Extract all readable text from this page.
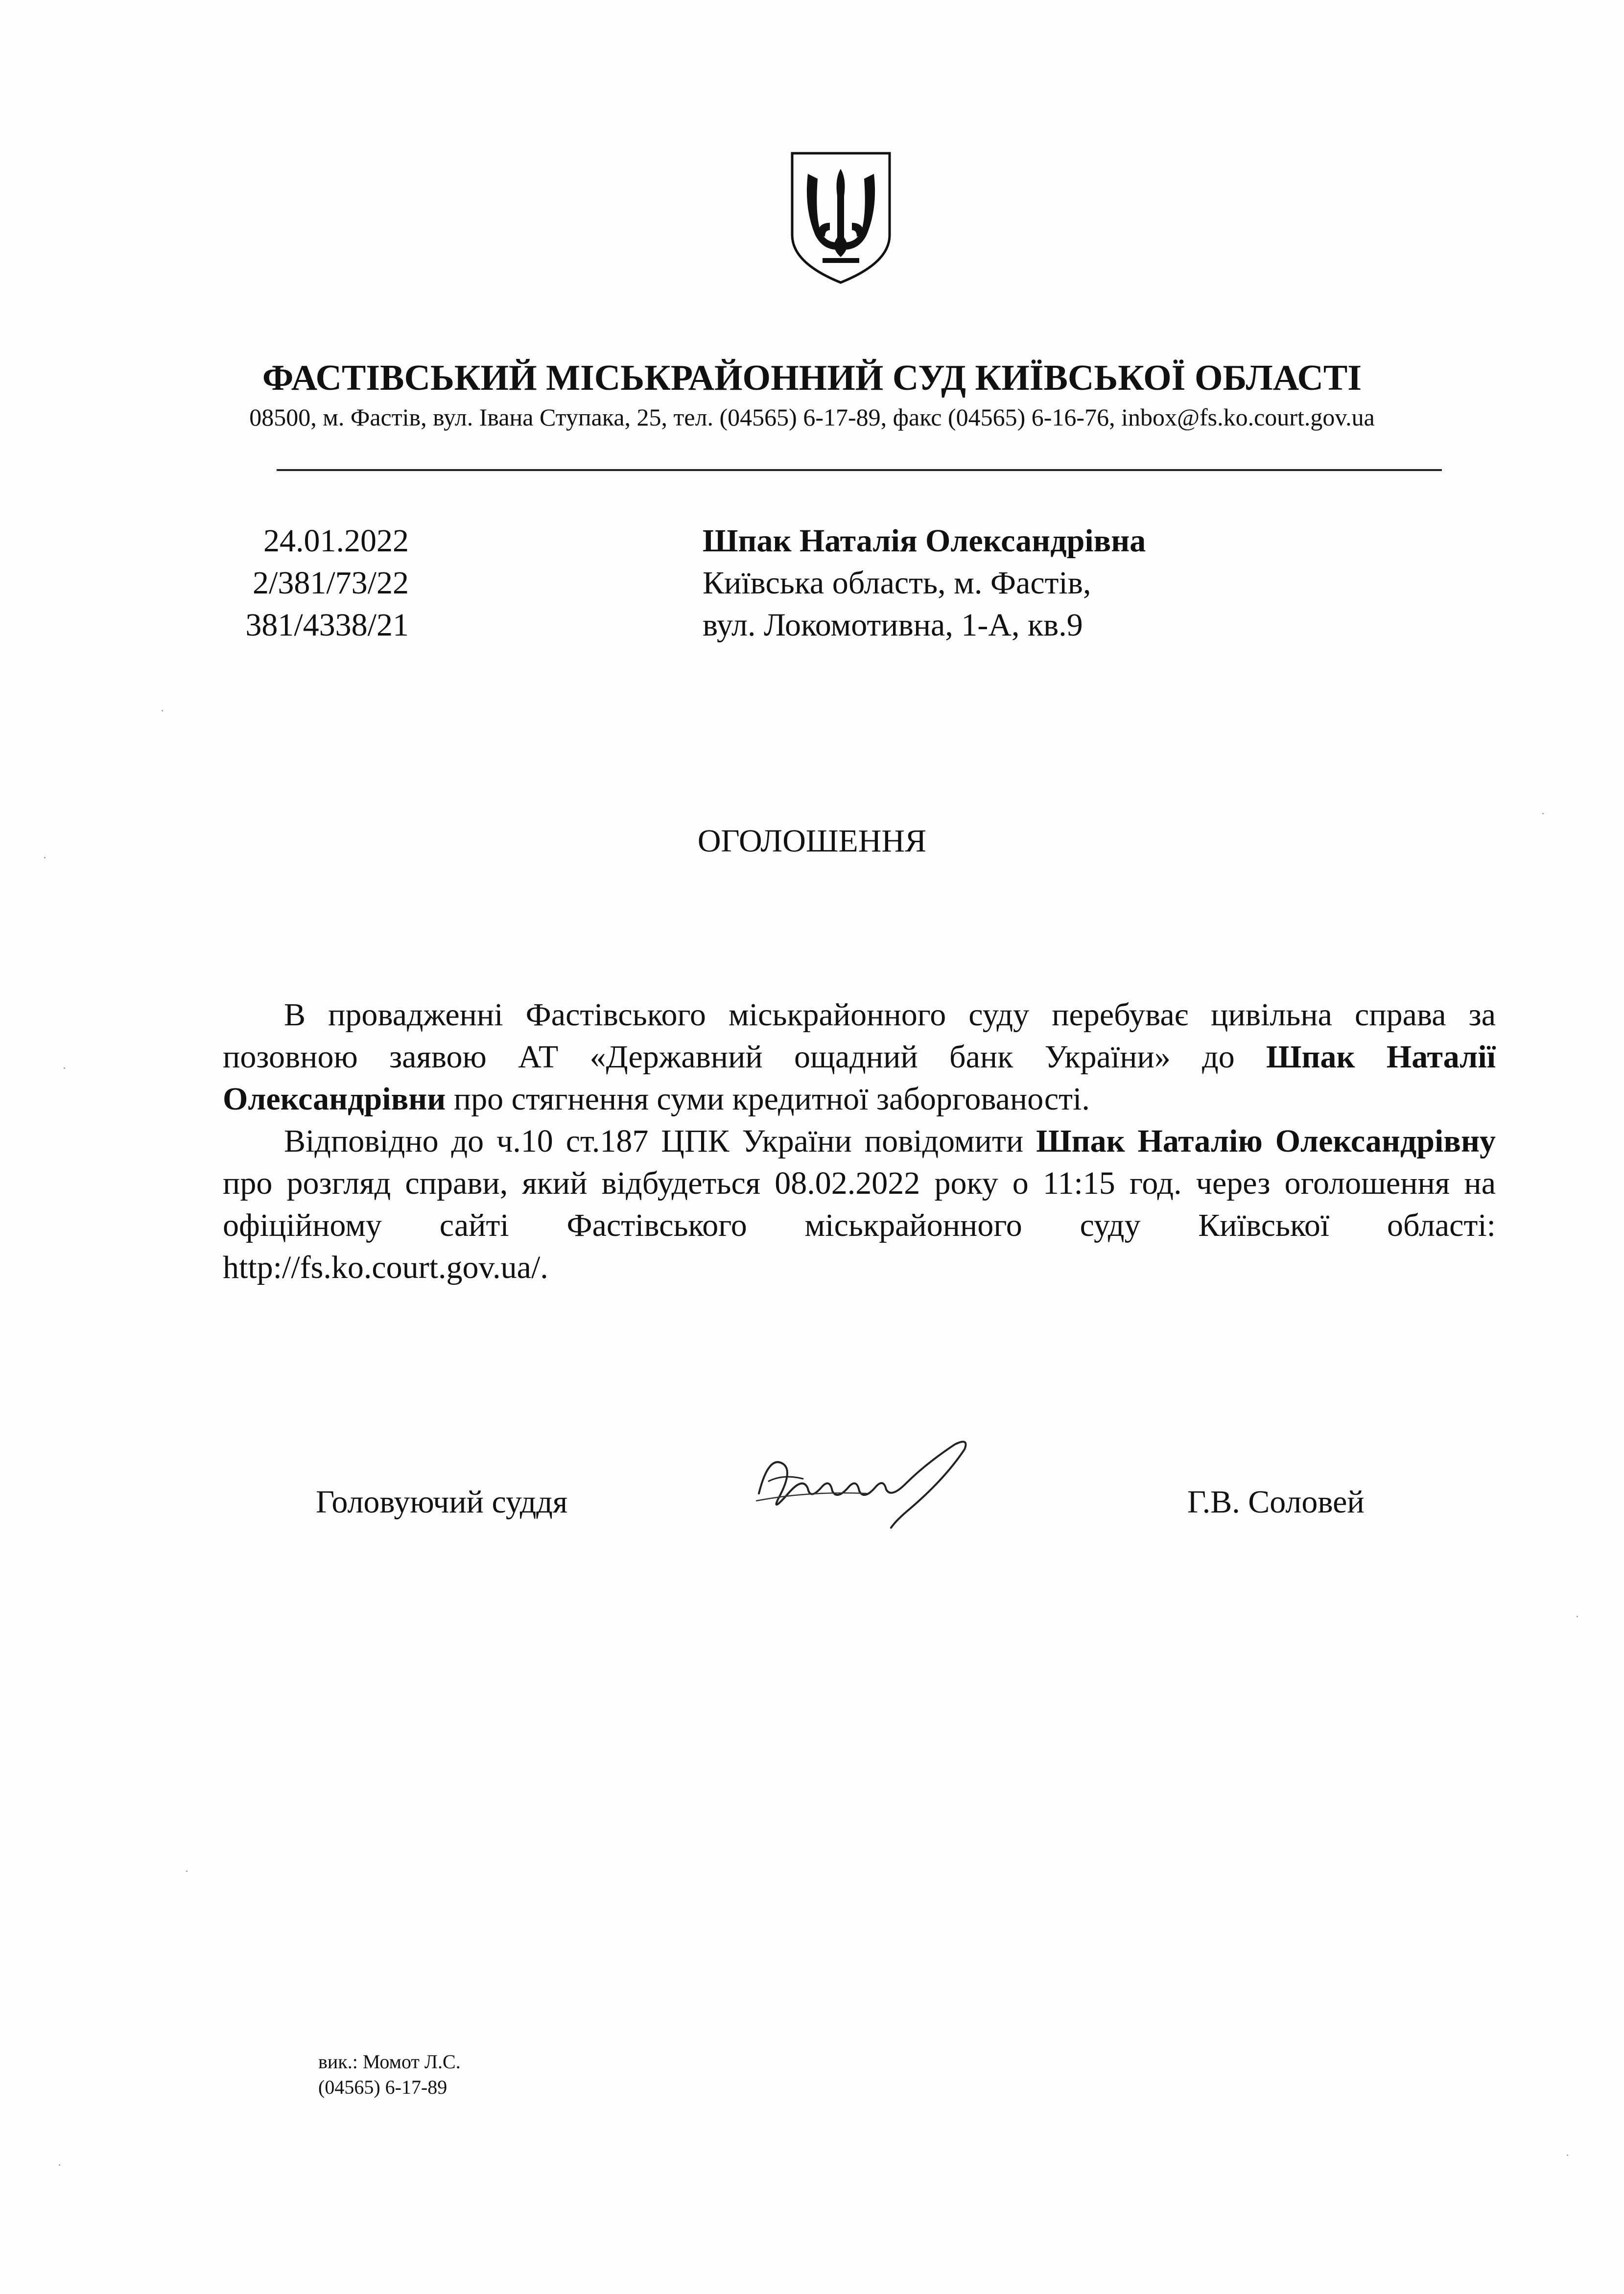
ФАСТІВСЬКИЙ МІСЬКРАЙОННИЙ СУД КИЇВСЬКОЇ ОБЛАСТІ
08500, м. Фастів, вул. Івана Ступака, 25, тел. (04565) 6-17-89, факс (04565) 6-16-76, inbox@fs.ko.court.gov.ua
24.01.2022
2/381/73/22
381/4338/21
Шпак Наталія Олександрівна
Київська область, м. Фастів,
вул. Локомотивна, 1-А, кв.9
ОГОЛОШЕННЯ

В провадженні Фастівського міськрайонного суду перебуває цивільна справа за позовною заявою АТ «Державний ощадний банк України» до Шпак Наталії Олександрівни про стягнення суми кредитної заборгованості.

Відповідно до ч.10 ст.187 ЦПК України повідомити Шпак Наталію Олександрівну про розгляд справи, який відбудеться 08.02.2022 року о 11:15 год. через оголошення на офіційному сайті Фастівського міськрайонного суду Київської області: http://fs.ko.court.gov.ua/.

Головуючий суддя	Г.В. Соловей
вик.: Момот Л.С.
(04565) 6-17-89
